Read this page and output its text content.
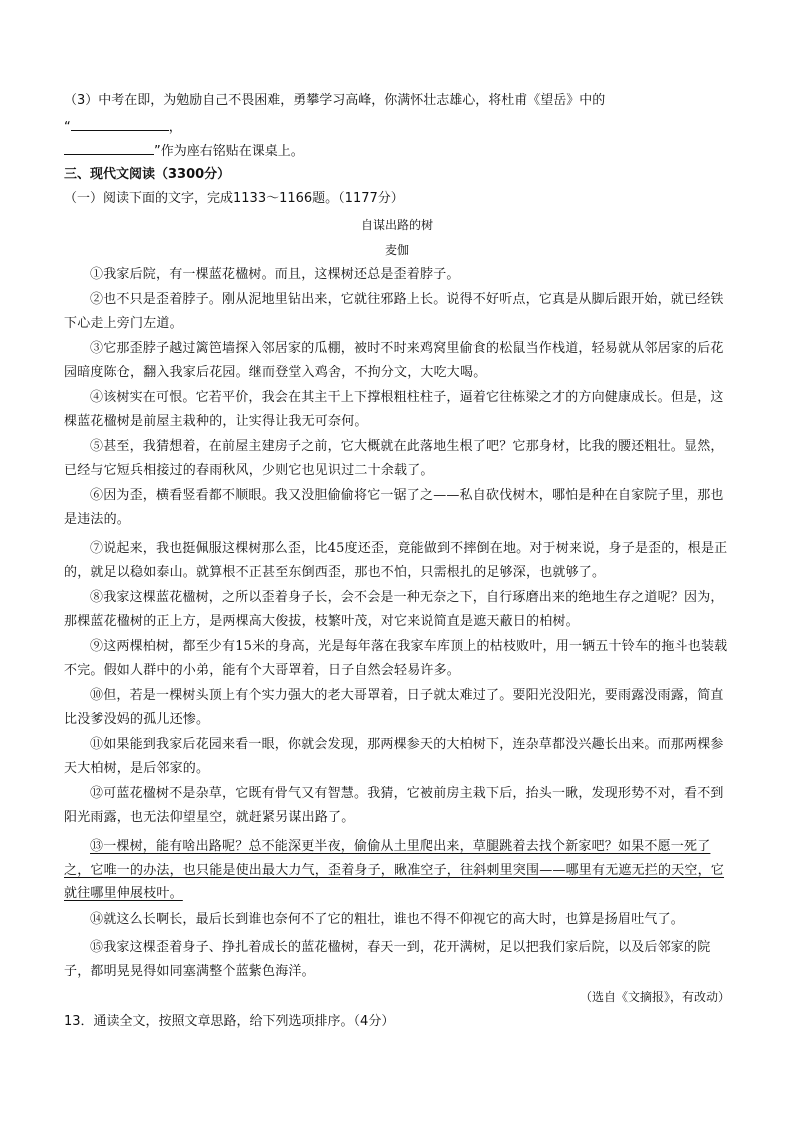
（3）中考在即，为勉励自己不畏困难，勇攀学习高峰，你满怀壮志雄心，将杜甫《望岳》中的
“	，
”作为座右铭贴在课桌上。
三、现代文阅读（3300分）
（一）阅读下面的文字，完成1133～1166题。（1177分）
自谋出路的树
麦伽
①我家后院，有一棵蓝花楹树。而且，这棵树还总是歪着脖子。
②也不只是歪着脖子。刚从泥地里钻出来，它就往邪路上长。说得不好听点，它真是从脚后跟开始，就已经铁下心走上旁门左道。
③它那歪脖子越过篱笆墙探入邻居家的瓜棚，被时不时来鸡窝里偷食的松鼠当作栈道，轻易就从邻居家的后花园暗度陈仓，翻入我家后花园。继而登堂入鸡舍，不拘分文，大吃大喝。
④该树实在可恨。它若平价，我会在其主干上下撑根粗柱柱子，逼着它往栋梁之才的方向健康成长。但是，这棵蓝花楹树是前屋主栽种的，让实得让我无可奈何。
⑤甚至，我猜想着，在前屋主建房子之前，它大概就在此落地生根了吧？它那身材，比我的腰还粗壮。显然，已经与它短兵相接过的春雨秋风，少则它也见识过二十余载了。
⑥因为歪，横看竖看都不顺眼。我又没胆偷偷将它一锯了之——私自砍伐树木，哪怕是种在自家院子里，那也是违法的。
⑦说起来，我也挺佩服这棵树那么歪，比45度还歪，竟能做到不摔倒在地。对于树来说，身子是歪的，根是正的，就足以稳如泰山。就算根不正甚至东倒西歪，那也不怕，只需根扎的足够深，也就够了。
⑧我家这棵蓝花楹树，之所以歪着身子长，会不会是一种无奈之下，自行琢磨出来的绝地生存之道呢？因为，那棵蓝花楹树的正上方，是两棵高大俊拔，枝繁叶茂，对它来说简直是遮天蔽日的柏树。
⑨这两棵柏树，都至少有15米的身高，光是每年落在我家车库顶上的枯枝败叶，用一辆五十铃车的拖斗也装载不完。假如人群中的小弟，能有个大哥罩着，日子自然会轻易许多。
⑩但，若是一棵树头顶上有个实力强大的老大哥罩着，日子就太难过了。要阳光没阳光，要雨露没雨露，简直比没爹没妈的孤儿还惨。
⑪如果能到我家后花园来看一眼，你就会发现，那两棵参天的大柏树下，连杂草都没兴趣长出来。而那两棵参天大柏树，是后邻家的。
⑫可蓝花楹树不是杂草，它既有骨气又有智慧。我猜，它被前房主栽下后，抬头一瞅，发现形势不对，看不到阳光雨露，也无法仰望星空，就赶紧另谋出路了。
⑬一棵树，能有啥出路呢？总不能深更半夜，偷偷从土里爬出来，草腿跳着去找个新家吧？如果不愿一死了之，它唯一的办法，也只能是使出最大力气，歪着身子，瞅准空子，往斜刺里突围——哪里有无遮无拦的天空，它就往哪里伸展枝叶。
⑭就这么长啊长，最后长到谁也奈何不了它的粗壮，谁也不得不仰视它的高大时，也算是扬眉吐气了。
⑮我家这棵歪着身子、挣扎着成长的蓝花楹树，春天一到，花开满树，足以把我们家后院，以及后邻家的院子，都明晃晃得如同塞满整个蓝紫色海洋。
（选自《文摘报》，有改动）
13．通读全文，按照文章思路，给下列选项排序。（4分）
